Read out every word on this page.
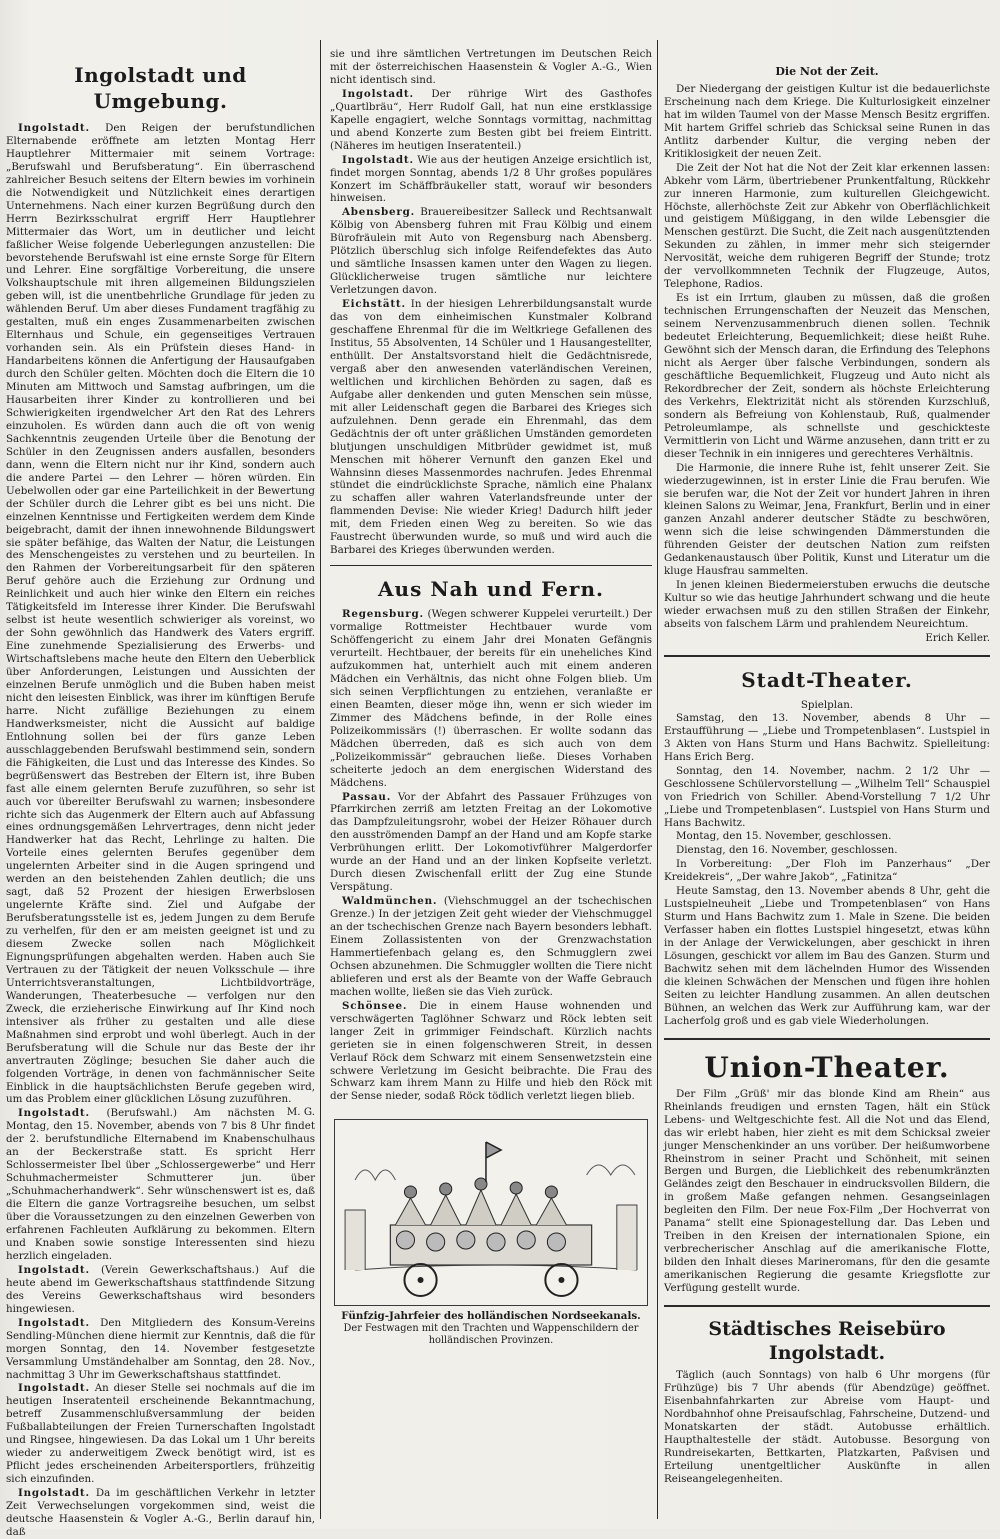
Ingolstadt und Umgebung.

Ingolstadt. Den Reigen der berufstundlichen Elternabende eröffnete am letzten Montag Herr Hauptlehrer Mittermaier mit seinem Vortrage: „Berufswahl und Berufsberatung“. Ein überraschend zahlreicher Besuch seitens der Eltern bewies im vorhinein die Notwendigkeit und Nützlichkeit eines derartigen Unternehmens. Nach einer kurzen Begrüßung durch den Herrn Bezirksschulrat ergriff Herr Hauptlehrer Mittermaier das Wort, um in deutlicher und leicht faßlicher Weise folgende Ueberlegungen anzustellen: Die bevorstehende Berufswahl ist eine ernste Sorge für Eltern und Lehrer. Eine sorgfältige Vorbereitung, die unsere Volkshauptschule mit ihren allgemeinen Bildungszielen geben will, ist die unentbehrliche Grundlage für jeden zu wählenden Beruf. Um aber dieses Fundament tragfähig zu gestalten, muß ein enges Zusammenarbeiten zwischen Elternhaus und Schule, ein gegenseitiges Vertrauen vorhanden sein. Als ein Prüfstein dieses Hand- in Handarbeitens können die Anfertigung der Hausaufgaben durch den Schüler gelten. Möchten doch die Eltern die 10 Minuten am Mittwoch und Samstag aufbringen, um die Hausarbeiten ihrer Kinder zu kontrollieren und bei Schwierigkeiten irgendwelcher Art den Rat des Lehrers einzuholen. Es würden dann auch die oft von wenig Sachkenntnis zeugenden Urteile über die Benotung der Schüler in den Zeugnissen anders ausfallen, besonders dann, wenn die Eltern nicht nur ihr Kind, sondern auch die andere Partei — den Lehrer — hören würden. Ein Uebelwollen oder gar eine Parteilichkeit in der Bewertung der Schüler durch die Lehrer gibt es bei uns nicht. Die einzelnen Kenntnisse und Fertigkeiten werdem dem Kinde beigebracht, damit der ihnen innewohnende Bildungswert sie später befähige, das Walten der Natur, die Leistungen des Menschengeistes zu verstehen und zu beurteilen. In den Rahmen der Vorbereitungsarbeit für den späteren Beruf gehöre auch die Erziehung zur Ordnung und Reinlichkeit und auch hier winke den Eltern ein reiches Tätigkeitsfeld im Interesse ihrer Kinder. Die Berufswahl selbst ist heute wesentlich schwieriger als voreinst, wo der Sohn gewöhnlich das Handwerk des Vaters ergriff. Eine zunehmende Spezialisierung des Erwerbs- und Wirtschaftslebens mache heute den Eltern den Ueberblick über Anforderungen, Leistungen und Aussichten der einzelnen Berufe unmöglich und die Buben haben meist nicht den leisesten Einblick, was ihrer im künftigen Berufe harre. Nicht zufällige Beziehungen zu einem Handwerksmeister, nicht die Aussicht auf baldige Entlohnung sollen bei der fürs ganze Leben ausschlaggebenden Berufswahl bestimmend sein, sondern die Fähigkeiten, die Lust und das Interesse des Kindes. So begrüßenswert das Bestreben der Eltern ist, ihre Buben fast alle einem gelernten Berufe zuzuführen, so sehr ist auch vor übereilter Berufswahl zu warnen; insbesondere richte sich das Augenmerk der Eltern auch auf Abfassung eines ordnungsgemäßen Lehrvertrages, denn nicht jeder Handwerker hat das Recht, Lehrlinge zu halten. Die Vorteile eines gelernten Berufes gegenüber dem ungelernten Arbeiter sind in die Augen springend und werden an den beistehenden Zahlen deutlich; die uns sagt, daß 52 Prozent der hiesigen Erwerbslosen ungelernte Kräfte sind. Ziel und Aufgabe der Berufsberatungsstelle ist es, jedem Jungen zu dem Berufe zu verhelfen, für den er am meisten geeignet ist und zu diesem Zwecke sollen nach Möglichkeit Eignungsprüfungen abgehalten werden. Haben auch Sie Vertrauen zu der Tätigkeit der neuen Volksschule — ihre Unterrichtsveranstaltungen, Lichtbildvorträge, Wanderungen, Theaterbesuche — verfolgen nur den Zweck, die erzieherische Einwirkung auf Ihr Kind noch intensiver als früher zu gestalten und alle diese Maßnahmen sind erprobt und wohl überlegt. Auch in der Berufsberatung will die Schule nur das Beste der ihr anvertrauten Zöglinge; besuchen Sie daher auch die folgenden Vorträge, in denen von fachmännischer Seite Einblick in die hauptsächlichsten Berufe gegeben wird, um das Problem einer glücklichen Lösung zuzuführen.
M. G.

Ingolstadt. (Berufswahl.) Am nächsten Montag, den 15. November, abends von 7 bis 8 Uhr findet der 2. berufstundliche Elternabend im Knabenschulhaus an der Beckerstraße statt. Es spricht Herr Schlossermeister Ibel über „Schlossergewerbe“ und Herr Schuhmachermeister Schmutterer jun. über „Schuhmacherhandwerk“. Sehr wünschenswert ist es, daß die Eltern die ganze Vortragsreihe besuchen, um selbst über die Voraussetzungen zu den einzelnen Gewerben von erfahrenen Fachleuten Aufklärung zu bekommen. Eltern und Knaben sowie sonstige Interessenten sind hiezu herzlich eingeladen.

Ingolstadt. (Verein Gewerkschaftshaus.) Auf die heute abend im Gewerkschaftshaus stattfindende Sitzung des Vereins Gewerkschaftshaus wird besonders hingewiesen.

Ingolstadt. Den Mitgliedern des Konsum-Vereins Sendling-München diene hiermit zur Kenntnis, daß die für morgen Sonntag, den 14. November festgesetzte Versammlung Umständehalber am Sonntag, den 28. Nov., nachmittag 3 Uhr im Gewerkschaftshaus stattfindet.

Ingolstadt. An dieser Stelle sei nochmals auf die im heutigen Inseratenteil erscheinende Bekanntmachung, betreff Zusammenschlußversammlung der beiden Fußballabteilungen der Freien Turnerschaften Ingolstadt und Ringsee, hingewiesen. Da das Lokal um 1 Uhr bereits wieder zu anderweitigem Zweck benötigt wird, ist es Pflicht jedes erscheinenden Arbeitersportlers, frühzeitig sich einzufinden.

Ingolstadt. Da im geschäftlichen Verkehr in letzter Zeit Verwechselungen vorgekommen sind, weist die deutsche Haasenstein & Vogler A.-G., Berlin darauf hin, daß

sie und ihre sämtlichen Vertretungen im Deutschen Reich mit der österreichischen Haasenstein & Vogler A.-G., Wien nicht identisch sind.

Ingolstadt. Der rührige Wirt des Gasthofes „Quartlbräu“, Herr Rudolf Gall, hat nun eine erstklassige Kapelle engagiert, welche Sonntags vormittag, nachmittag und abend Konzerte zum Besten gibt bei freiem Eintritt. (Näheres im heutigen Inseratenteil.)

Ingolstadt. Wie aus der heutigen Anzeige ersichtlich ist, findet morgen Sonntag, abends 1/2 8 Uhr großes populäres Konzert im Schäffbräukeller statt, worauf wir besonders hinweisen.

Abensberg. Brauereibesitzer Salleck und Rechtsanwalt Kölbig von Abensberg fuhren mit Frau Kölbig und einem Bürofräulein mit Auto von Regensburg nach Abensberg. Plötzlich überschlug sich infolge Reifendefektes das Auto und sämtliche Insassen kamen unter den Wagen zu liegen. Glücklicherweise trugen sämtliche nur leichtere Verletzungen davon.

Eichstätt. In der hiesigen Lehrerbildungsanstalt wurde das von dem einheimischen Kunstmaler Kolbrand geschaffene Ehrenmal für die im Weltkriege Gefallenen des Institus, 55 Absolventen, 14 Schüler und 1 Hausangestellter, enthüllt. Der Anstaltsvorstand hielt die Gedächtnisrede, vergaß aber den anwesenden vaterländischen Vereinen, weltlichen und kirchlichen Behörden zu sagen, daß es Aufgabe aller denkenden und guten Menschen sein müsse, mit aller Leidenschaft gegen die Barbarei des Krieges sich aufzulehnen. Denn gerade ein Ehrenmahl, das dem Gedächtnis der oft unter gräßlichen Umständen gemordeten blutjungen unschuldigen Mitbrüder gewidmet ist, muß Menschen mit höherer Vernunft den ganzen Ekel und Wahnsinn dieses Massenmordes nachrufen. Jedes Ehrenmal stündet die eindrücklichste Sprache, nämlich eine Phalanx zu schaffen aller wahren Vaterlandsfreunde unter der flammenden Devise: Nie wieder Krieg! Dadurch hilft jeder mit, dem Frieden einen Weg zu bereiten. So wie das Faustrecht überwunden wurde, so muß und wird auch die Barbarei des Krieges überwunden werden.

Aus Nah und Fern.

Regensburg. (Wegen schwerer Kuppelei verurteilt.) Der vormalige Rottmeister Hechtbauer wurde vom Schöffengericht zu einem Jahr drei Monaten Gefängnis verurteilt. Hechtbauer, der bereits für ein uneheliches Kind aufzukommen hat, unterhielt auch mit einem anderen Mädchen ein Verhältnis, das nicht ohne Folgen blieb. Um sich seinen Verpflichtungen zu entziehen, veranlaßte er einen Beamten, dieser möge ihn, wenn er sich wieder im Zimmer des Mädchens befinde, in der Rolle eines Polizeikommissärs (!) überraschen. Er wollte sodann das Mädchen überreden, daß es sich auch von dem „Polizeikommissär“ gebrauchen ließe. Dieses Vorhaben scheiterte jedoch an dem energischen Widerstand des Mädchens.

Passau. Vor der Abfahrt des Passauer Frühzuges von Pfarrkirchen zerriß am letzten Freitag an der Lokomotive das Dampfzuleitungsrohr, wobei der Heizer Röhauer durch den ausströmenden Dampf an der Hand und am Kopfe starke Verbrühungen erlitt. Der Lokomotivführer Malgerdorfer wurde an der Hand und an der linken Kopfseite verletzt. Durch diesen Zwischenfall erlitt der Zug eine Stunde Verspätung.

Waldmünchen. (Viehschmuggel an der tschechischen Grenze.) In der jetzigen Zeit geht wieder der Viehschmuggel an der tschechischen Grenze nach Bayern besonders lebhaft. Einem Zollassistenten von der Grenzwachstation Hammertiefenbach gelang es, den Schmugglern zwei Ochsen abzunehmen. Die Schmuggler wollten die Tiere nicht ablieferen und erst als der Beamte von der Waffe Gebrauch machen wollte, ließen sie das Vieh zurück.

Schönsee. Die in einem Hause wohnenden und verschwägerten Taglöhner Schwarz und Röck lebten seit langer Zeit in grimmiger Feindschaft. Kürzlich nachts gerieten sie in einen folgenschweren Streit, in dessen Verlauf Röck dem Schwarz mit einem Sensenwetzstein eine schwere Verletzung im Gesicht beibrachte. Die Frau des Schwarz kam ihrem Mann zu Hilfe und hieb den Röck mit der Sense nieder, sodaß Röck tödlich verletzt liegen blieb.

Fünfzig-Jahrfeier des holländischen Nordseekanals.
Der Festwagen mit den Trachten und Wappenschildern der holländischen Provinzen.
Die Not der Zeit.

Der Niedergang der geistigen Kultur ist die bedauerlichste Erscheinung nach dem Kriege. Die Kulturlosigkeit einzelner hat im wilden Taumel von der Masse Mensch Besitz ergriffen. Mit hartem Griffel schrieb das Schicksal seine Runen in das Antlitz darbender Kultur, die verging neben der Kritiklosigkeit der neuen Zeit.

Die Zeit der Not hat die Not der Zeit klar erkennen lassen: Abkehr vom Lärm, übertriebener Prunkentfaltung, Rückkehr zur inneren Harmonie, zum kulturellen Gleichgewicht. Höchste, allerhöchste Zeit zur Abkehr von Oberflächlichkeit und geistigem Müßiggang, in den wilde Lebensgier die Menschen gestürzt. Die Sucht, die Zeit nach ausgenütztenden Sekunden zu zählen, in immer mehr sich steigernder Nervosität, weiche dem ruhigeren Begriff der Stunde; trotz der vervollkommneten Technik der Flugzeuge, Autos, Telephone, Radios.

Es ist ein Irrtum, glauben zu müssen, daß die großen technischen Errungenschaften der Neuzeit das Menschen, seinem Nervenzusammenbruch dienen sollen. Technik bedeutet Erleichterung, Bequemlichkeit; diese heißt Ruhe. Gewöhnt sich der Mensch daran, die Erfindung des Telephons nicht als Aerger über falsche Verbindungen, sondern als geschäftliche Bequemlichkeit, Flugzeug und Auto nicht als Rekordbrecher der Zeit, sondern als höchste Erleichterung des Verkehrs, Elektrizität nicht als störenden Kurzschluß, sondern als Befreiung von Kohlenstaub, Ruß, qualmender Petroleumlampe, als schnellste und geschickteste Vermittlerin von Licht und Wärme anzusehen, dann tritt er zu dieser Technik in ein innigeres und gerechteres Verhältnis.

Die Harmonie, die innere Ruhe ist, fehlt unserer Zeit. Sie wiederzugewinnen, ist in erster Linie die Frau berufen. Wie sie berufen war, die Not der Zeit vor hundert Jahren in ihren kleinen Salons zu Weimar, Jena, Frankfurt, Berlin und in einer ganzen Anzahl anderer deutscher Städte zu beschwören, wenn sich die leise schwingenden Dämmerstunden die führenden Geister der deutschen Nation zum reifsten Gedankenaustausch über Politik, Kunst und Literatur um die kluge Hausfrau sammelten.

In jenen kleinen Biedermeierstuben erwuchs die deutsche Kultur so wie das heutige Jahrhundert schwang und die heute wieder erwachsen muß zu den stillen Straßen der Einkehr, abseits von falschem Lärm und prahlendem Neureichtum.

Erich Keller.
Stadt-Theater.
Spielplan.

Samstag, den 13. November, abends 8 Uhr — Erstaufführung — „Liebe und Trompetenblasen“. Lustspiel in 3 Akten von Hans Sturm und Hans Bachwitz. Spielleitung: Hans Erich Berg.

Sonntag, den 14. November, nachm. 2 1/2 Uhr — Geschlossene Schülervorstellung — „Wilhelm Tell“ Schauspiel von Friedrich von Schiller. Abend-Vorstellung 7 1/2 Uhr „Liebe und Trompetenblasen“. Lustspiel von Hans Sturm und Hans Bachwitz.

Montag, den 15. November, geschlossen.

Dienstag, den 16. November, geschlossen.

In Vorbereitung: „Der Floh im Panzerhaus“ „Der Kreidekreis“, „Der wahre Jakob“, „Fatinitza“

Heute Samstag, den 13. November abends 8 Uhr, geht die Lustspielneuheit „Liebe und Trompetenblasen“ von Hans Sturm und Hans Bachwitz zum 1. Male in Szene. Die beiden Verfasser haben ein flottes Lustspiel hingesetzt, etwas kühn in der Anlage der Verwickelungen, aber geschickt in ihren Lösungen, geschickt vor allem im Bau des Ganzen. Sturm und Bachwitz sehen mit dem lächelnden Humor des Wissenden die kleinen Schwächen der Menschen und fügen ihre hohlen Seiten zu leichter Handlung zusammen. An allen deutschen Bühnen, an welchen das Werk zur Aufführung kam, war der Lacherfolg groß und es gab viele Wiederholungen.

Union-Theater.

Der Film „Grüß' mir das blonde Kind am Rhein“ aus Rheinlands freudigen und ernsten Tagen, hält ein Stück Lebens- und Weltgeschichte fest. All die Not und das Elend, das wir erlebt haben, hier zieht es mit dem Schicksal zweier junger Menschenkinder an uns vorüber. Der heißumworbene Rheinstrom in seiner Pracht und Schönheit, mit seinen Bergen und Burgen, die Lieblichkeit des rebenumkränzten Geländes zeigt den Beschauer in eindrucksvollen Bildern, die in großem Maße gefangen nehmen. Gesangseinlagen begleiten den Film. Der neue Fox-Film „Der Hochverrat von Panama“ stellt eine Spionagestellung dar. Das Leben und Treiben in den Kreisen der internationalen Spione, ein verbrecherischer Anschlag auf die amerikanische Flotte, bilden den Inhalt dieses Marineromans, für den die gesamte amerikanischen Regierung die gesamte Kriegsflotte zur Verfügung gestellt wurde.

Städtisches Reisebüro Ingolstadt.

Täglich (auch Sonntags) von halb 6 Uhr morgens (für Frühzüge) bis 7 Uhr abends (für Abendzüge) geöffnet. Eisenbahnfahrkarten zur Abreise vom Haupt- und Nordbahnhof ohne Preisaufschlag, Fahrscheine, Dutzend- und Monatskarten der städt. Autobusse erhältlich. Haupthaltestelle der städt. Autobusse. Besorgung von Rundreisekarten, Bettkarten, Platzkarten, Paßvisen und Erteilung unentgeltlicher Auskünfte in allen Reiseangelegenheiten.
